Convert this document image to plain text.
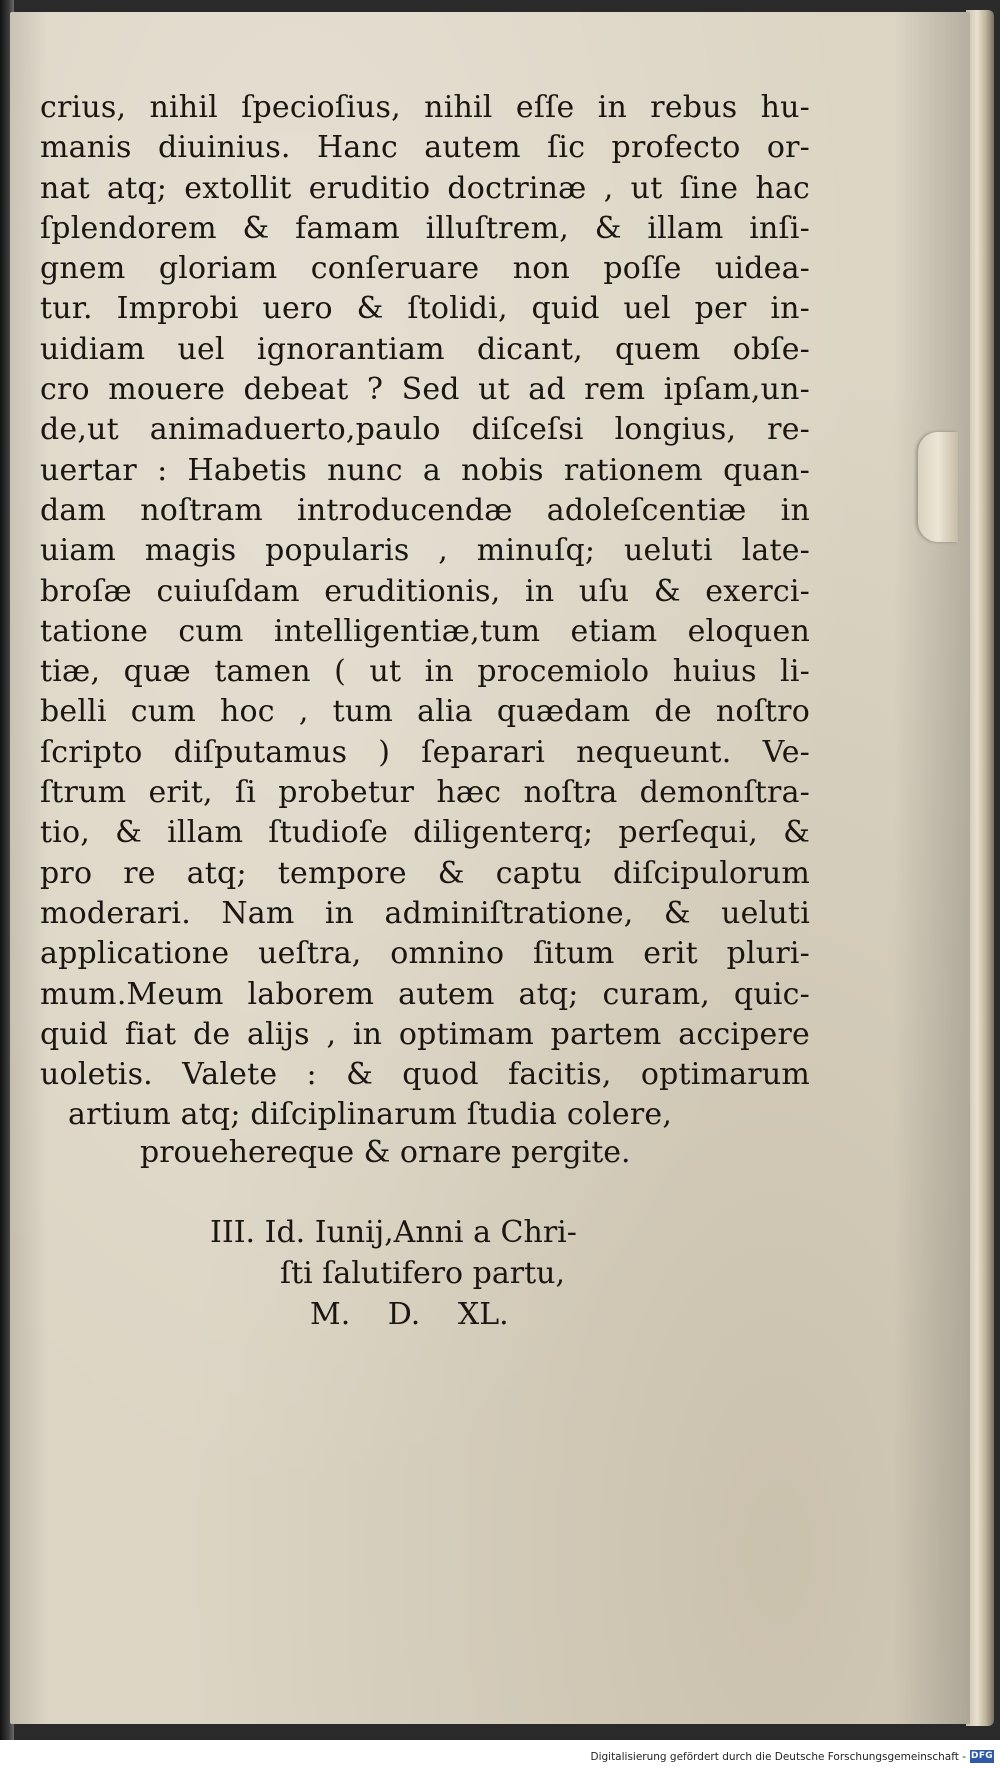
crius, nihil ſpecioſius, nihil eſſe in rebus hu-
manis diuinius. Hanc autem ſic profecto or-
nat atq; extollit eruditio doctrinæ , ut ſine hac
ſplendorem & famam illuſtrem, & illam inſi-
gnem gloriam conſeruare non poſſe uidea-
tur. Improbi uero & ſtolidi, quid uel per in-
uidiam uel ignorantiam dicant, quem obſe-
cro mouere debeat ? Sed ut ad rem ipſam,un-
de,ut animaduerto,paulo diſceſsi longius, re-
uertar : Habetis nunc a nobis rationem quan-
dam noſtram introducendæ adoleſcentiæ in
uiam magis popularis , minuſq; ueluti late-
broſæ cuiuſdam eruditionis, in uſu & exerci-
tatione cum intelligentiæ,tum etiam eloquen
tiæ, quæ tamen ( ut in procemiolo huius li-
belli cum hoc , tum alia quædam de noſtro
ſcripto diſputamus ) ſeparari nequeunt. Ve-
ſtrum erit, ſi probetur hæc noſtra demonſtra-
tio, & illam ſtudioſe diligenterq; perſequi, &
pro re atq; tempore & captu diſcipulorum
moderari. Nam in adminiſtratione, & ueluti
applicatione ueſtra, omnino ſitum erit pluri-
mum.Meum laborem autem atq; curam, quic-
quid fiat de alijs , in optimam partem accipere
uoletis. Valete : & quod facitis, optimarum
artium atq; diſciplinarum ſtudia colere,
prouehereque & ornare pergite.
III. Id. Iunij,Anni a Chri-
ſti ſalutifero partu,
M. D. XL.
Digitalisierung gefördert durch die Deutsche Forschungsgemeinschaft - DFG
